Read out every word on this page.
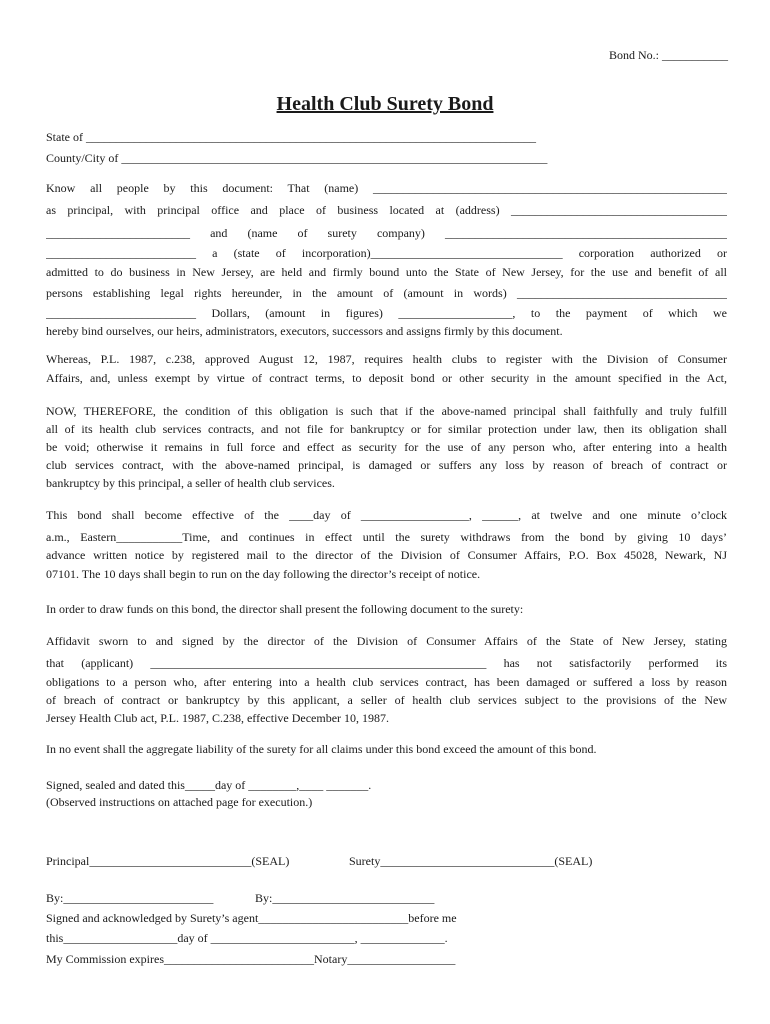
Bond No.: ___________
Health Club Surety Bond
State of ___________________________________________________________________________
County/City of _______________________________________________________________________
Know all people by this document: That (name) ___________________________________________________________
as principal, with principal office and place of business located at (address) ____________________________________
________________________ and (name of surety company) _______________________________________________
_________________________ a (state of incorporation)________________________________ corporation authorized or
admitted to do business in New Jersey, are held and firmly bound unto the State of New Jersey, for the use and benefit of all
persons establishing legal rights hereunder, in the amount of (amount in words) ___________________________________
_________________________ Dollars, (amount in figures) ___________________, to the payment of which we
hereby bind ourselves, our heirs, administrators, executors, successors and assigns firmly by this document.
Whereas, P.L. 1987, c.238, approved August 12, 1987, requires health clubs to register with the Division of Consumer
Affairs, and, unless exempt by virtue of contract terms, to deposit bond or other security in the amount specified in the Act,
NOW, THEREFORE, the condition of this obligation is such that if the above-named principal shall faithfully and truly fulfill
all of its health club services contracts, and not file for bankruptcy or for similar protection under law, then its obligation shall
be void; otherwise it remains in full force and effect as security for the use of any person who, after entering into a health
club services contract, with the above-named principal, is damaged or suffers any loss by reason of breach of contract or
bankruptcy by this principal, a seller of health club services.
This bond shall become effective of the ____day of __________________, ______, at twelve and one minute o’clock
a.m., Eastern___________Time, and continues in effect until the surety withdraws from the bond by giving 10 days’
advance written notice by registered mail to the director of the Division of Consumer Affairs, P.O. Box 45028, Newark, NJ
07101. The 10 days shall begin to run on the day following the director’s receipt of notice.
In order to draw funds on this bond, the director shall present the following document to the surety:
Affidavit sworn to and signed by the director of the Division of Consumer Affairs of the State of New Jersey, stating
that (applicant) ________________________________________________________ has not satisfactorily performed its
obligations to a person who, after entering into a health club services contract, has been damaged or suffered a loss by reason
of breach of contract or bankruptcy by this applicant, a seller of health club services subject to the provisions of the New
Jersey Health Club act, P.L. 1987, C.238, effective December 10, 1987.
In no event shall the aggregate liability of the surety for all claims under this bond exceed the amount of this bond.
Signed, sealed and dated this_____day of ________,____ _______.
(Observed instructions on attached page for execution.)
Principal___________________________(SEAL)	Surety_____________________________(SEAL)
By:_________________________	By:___________________________
Signed and acknowledged by Surety’s agent_________________________before me
this___________________day of ________________________, ______________.
My Commission expires_________________________Notary__________________
